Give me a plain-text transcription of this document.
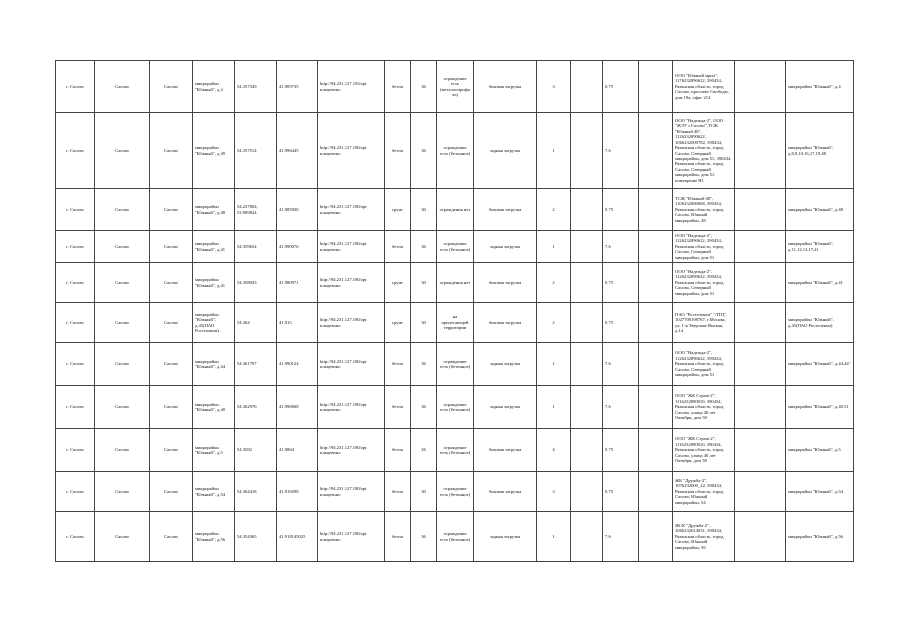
г. Сасово	Сасово	Сасово	микрорайон "Южный", д.4	54.357349	41.909735	http://94.231.127.183/zpt ильцевоно	бетон	36	ограждение есть (металлопрофиль)	боковая загрузка	3		0.75		ООО "Южный мрил", 1176232890622, 390434, Рязанская область, город Сасово, проспект Свободы, дом 19а, офис 214		микрорайон "Южный", д.4
г. Сасово	Сасово	Сасово	микрорайон "Южный", д.49	54.357514	41.996445	http://94.231.127.180/zpt ильцевоно	бетон	36	ограждение есть (бетонное)	задняя загрузка	1		7.6		ООО "Надежда-2", ООО "ЖЭУ г.Сасово",ТСЖ "Южный 48", 1126232890622, 1066232000782, 390434, Рязанская область, город Сасово, Северный микрорайон, дом 51, 390434, Рязанская область, город Сасово, Северный микрорайон, дом 51, помещение Н1		микрорайон "Южный", д.8,9,10,16,17,19,48
г. Сасово	Сасово	Сасово	микрорайон "Южный", д.48	54.237804, 53.989824	41.985930	http://94.231.127.180/zpt ильцевоно	грунт	30	ограждения нет	боковая загрузка	2		0.75		ТСЖ "Южный-48", 1106232000068, 390434, Рязанская область, город Сасово, Южный микрорайон, 48		микрорайон "Южный", д.48
г. Сасово	Сасово	Сасово	микрорайон "Южный", д.41	54.359654	41.990076	http://94.231.127.180/zpt ильцевоно	бетон	36	ограждение есть (бетонное)	задняя загрузка	1		7.6		ООО "Надежда-2", 1126232890622, 390434, Рязанская область, город Сасово, Северный микрорайон, дом 51		микрорайон "Южный", д.11,12,13,17,41
г. Сасово	Сасово	Сасово	микрорайон "Южный", д.41	54.358043	41.980971	http://94.231.127.180/zpt ильцевоно	грунт	30	ограждения нет	боковая загрузка	2		0.75		ООО "Надежда-2", 1126232890622, 390434, Рязанская область, город Сасово, Северный микрорайон, дом 51		микрорайон "Южный", д.41
г. Сасово	Сасово	Сасово	микрорайон "Южный", д.45(ПАО Ростелеком)	54.364	41.915	http://94.231.127.180/zpt ильцевоно	грунт	30	на прилегающей территории	боковая загрузка	2		0.75		ПАО "Ростелеком" "ЛТЦ", 1027700198767, г.Москва, ул. 1-я Тверская-Ямская, д.14		микрорайон "Южный", д.45(ПАО Ростелеком)
г. Сасово	Сасово	Сасово	микрорайон "Южный", д.44	54.361797	41.990124	http://94.231.127.180/zpt ильцевоно	бетон	36	ограждение есть (бетонное)	задняя загрузка	1		7.6		ООО "Надежда-2", 1126232890622, 390434, Рязанская область, город Сасово, Северный микрорайон, дом 51		микрорайон "Южный", д.44,44"
г. Сасово	Сасово	Сасово	микрорайон "Южный", д.40	54.362976	41.990068	http://94.231.127.180/zpt ильцевоно	бетон	36	ограждение есть (бетонное)	задняя загрузка	1		7.6		ООО "ЖК Страж-2", 1116232890010, 390434, Рязанская область, город Сасово, улица 40 лет Октября, дом 58		микрорайон "Южный", д.40,51
г. Сасово	Сасово	Сасово	микрорайон "Южный", д.5	54.3582	41.9864	http://94.231.127.180/zpt ильцевоно	бетон	26	ограждение есть (бетонное)	боковая загрузка	4		0.75		ООО "ЖК Страж-2", 1116232890010, 390434, Рязанская область, город Сасово, улица 40 лет Октября, дом 58		микрорайон "Южный", д.5
г. Сасово	Сасово	Сасово	микрорайон "Южный", д.54	54.364418	41.919298	http://94.231.127.180/zpt ильцевоно	бетон	30	ограждение есть (бетонное)	боковая загрузка	3		0.75		ЖК "Дружба-2", 1076232000_22, 390434, Рязанская область, город Сасово, Южный микрорайон, 54		микрорайон "Южный", д.54
г. Сасово	Сасово	Сасово	микрорайон "Южный", д.56	54.354365	41.918145025	http://94.231.127.180/zpt ильцевоно	бетон	36	ограждение есть (бетонное)	задняя загрузка	1		7.6		ЖСК "Дружба-2", 1066232014031, 390434, Рязанская область, город Сасово, Южный микрорайон, 56		микрорайон "Южный", д.56
